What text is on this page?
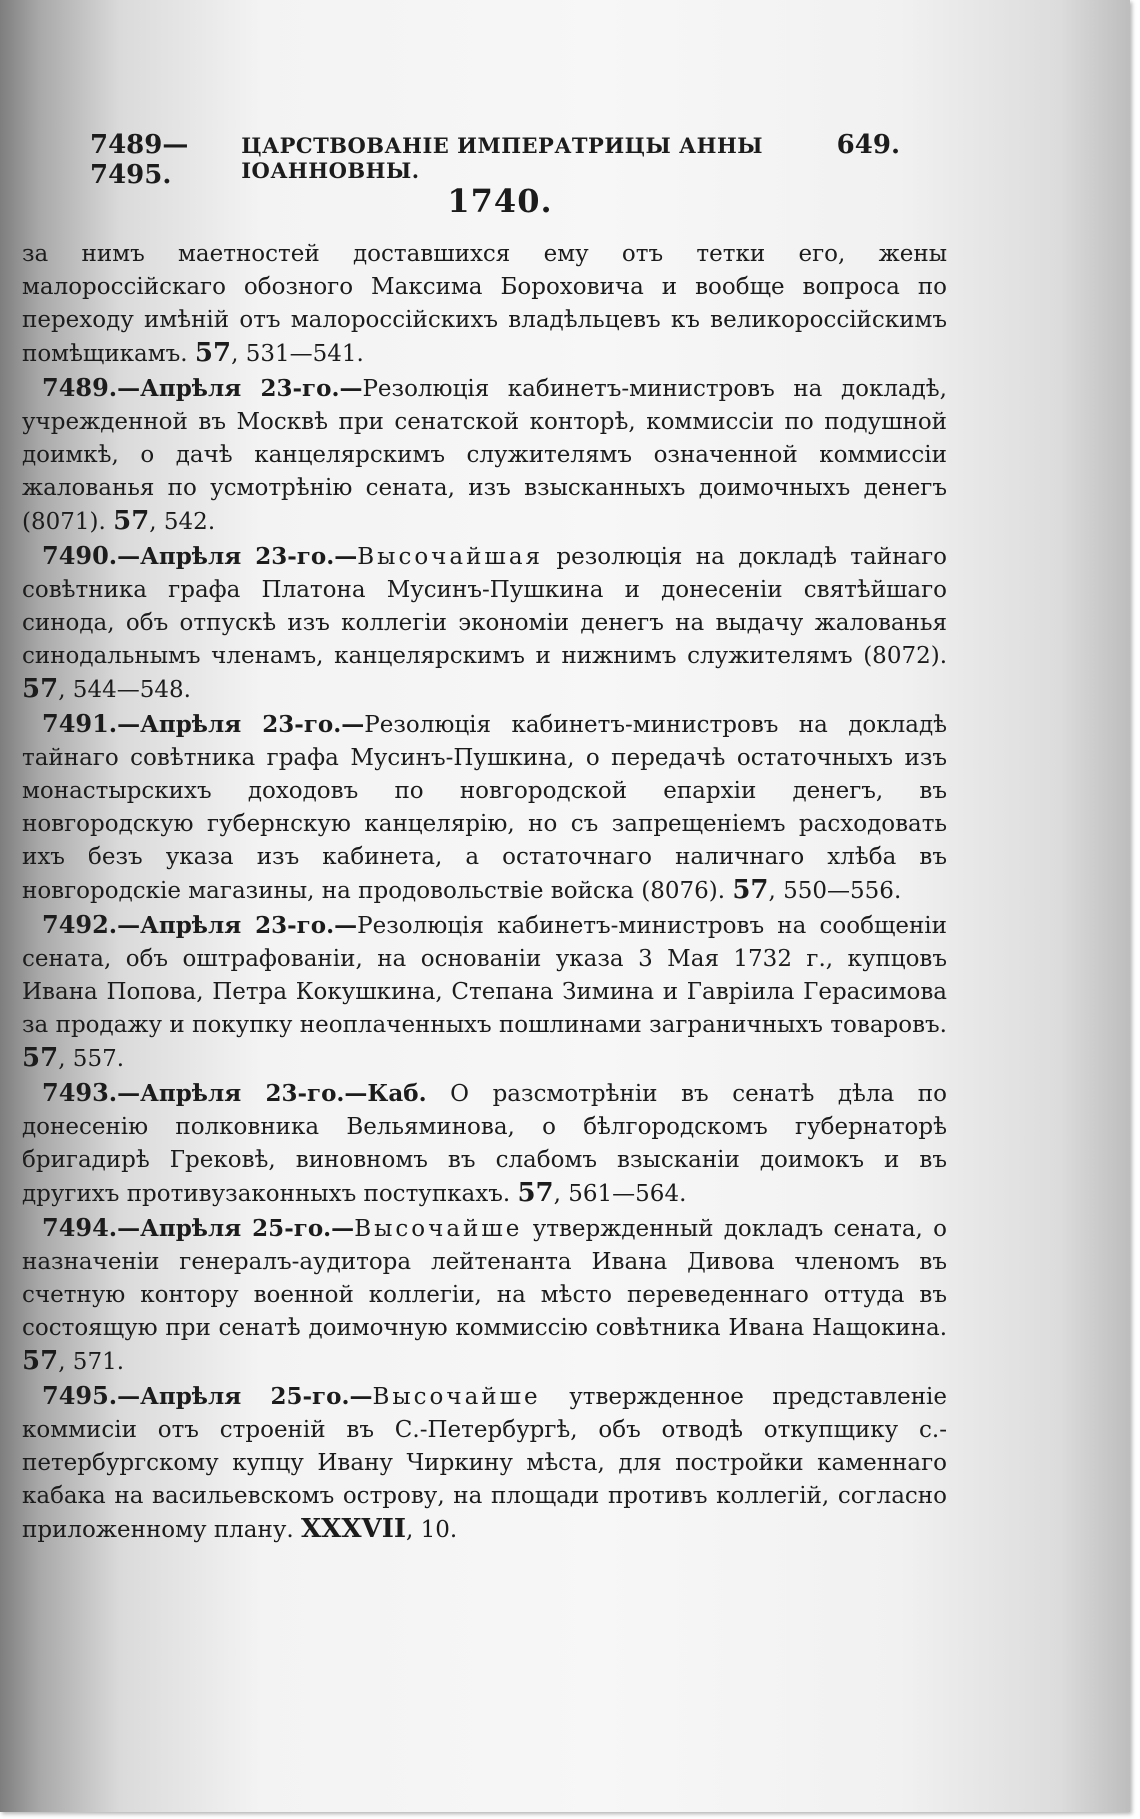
7489—7495.
ЦАРСТВОВАНIЕ ИМПЕРАТРИЦЫ АННЫ IОАННОВНЫ.
649.
1740.

за нимъ маетностей доставшихся ему отъ тетки его, жены малороссiйскаго обозного Максима Бороховича и вообще вопроса по переходу имѣнiй отъ малороссiйскихъ владѣльцевъ къ великороссiйскимъ помѣщикамъ. 57, 531—541.

7489.—Апрѣля 23-го.—Резолюцiя кабинетъ-министровъ на докладѣ, учрежденной въ Москвѣ при сенатской конторѣ, коммиссiи по подушной доимкѣ, о дачѣ канцелярскимъ служителямъ означенной коммиссiи жалованья по усмотрѣнiю сената, изъ взысканныхъ доимочныхъ денегъ (8071). 57, 542.

7490.—Апрѣля 23-го.—Высочайшая резолюцiя на докладѣ тайнаго совѣтника графа Платона Мусинъ-Пушкина и донесенiи святѣйшаго синода, объ отпускѣ изъ коллегiи экономiи денегъ на выдачу жалованья синодальнымъ членамъ, канцелярскимъ и нижнимъ служителямъ (8072). 57, 544—548.

7491.—Апрѣля 23-го.—Резолюцiя кабинетъ-министровъ на докладѣ тайнаго совѣтника графа Мусинъ-Пушкина, о передачѣ остаточныхъ изъ монастырскихъ доходовъ по новгородской епархiи денегъ, въ новгородскую губернскую канцелярiю, но съ запрещенiемъ расходовать ихъ безъ указа изъ кабинета, а остаточнаго наличнаго хлѣба въ новгородскiе магазины, на продовольствiе войска (8076). 57, 550—556.

7492.—Апрѣля 23-го.—Резолюцiя кабинетъ-министровъ на сообщенiи сената, объ оштрафованiи, на основанiи указа 3 Мая 1732 г., купцовъ Ивана Попова, Петра Кокушкина, Степана Зимина и Гаврiила Герасимова за продажу и покупку неоплаченныхъ пошлинами заграничныхъ товаровъ. 57, 557.

7493.—Апрѣля 23-го.—Каб. О разсмотрѣнiи въ сенатѣ дѣла по донесенiю полковника Вельяминова, о бѣлгородскомъ губернаторѣ бригадирѣ Грековѣ, виновномъ въ слабомъ взысканiи доимокъ и въ другихъ противузаконныхъ поступкахъ. 57, 561—564.

7494.—Апрѣля 25-го.—Высочайше утвержденный докладъ сената, о назначенiи генералъ-аудитора лейтенанта Ивана Дивова членомъ въ счетную контору военной коллегiи, на мѣсто переведеннаго оттуда въ состоящую при сенатѣ доимочную коммиссiю совѣтника Ивана Нащокина. 57, 571.

7495.—Апрѣля 25-го.—Высочайше утвержденное представленiе коммисiи отъ строенiй въ С.-Петербургѣ, объ отводѣ откупщику с.-петербургскому купцу Ивану Чиркину мѣста, для постройки каменнаго кабака на васильевскомъ острову, на площади противъ коллегiй, согласно приложенному плану. XXXVII, 10.
